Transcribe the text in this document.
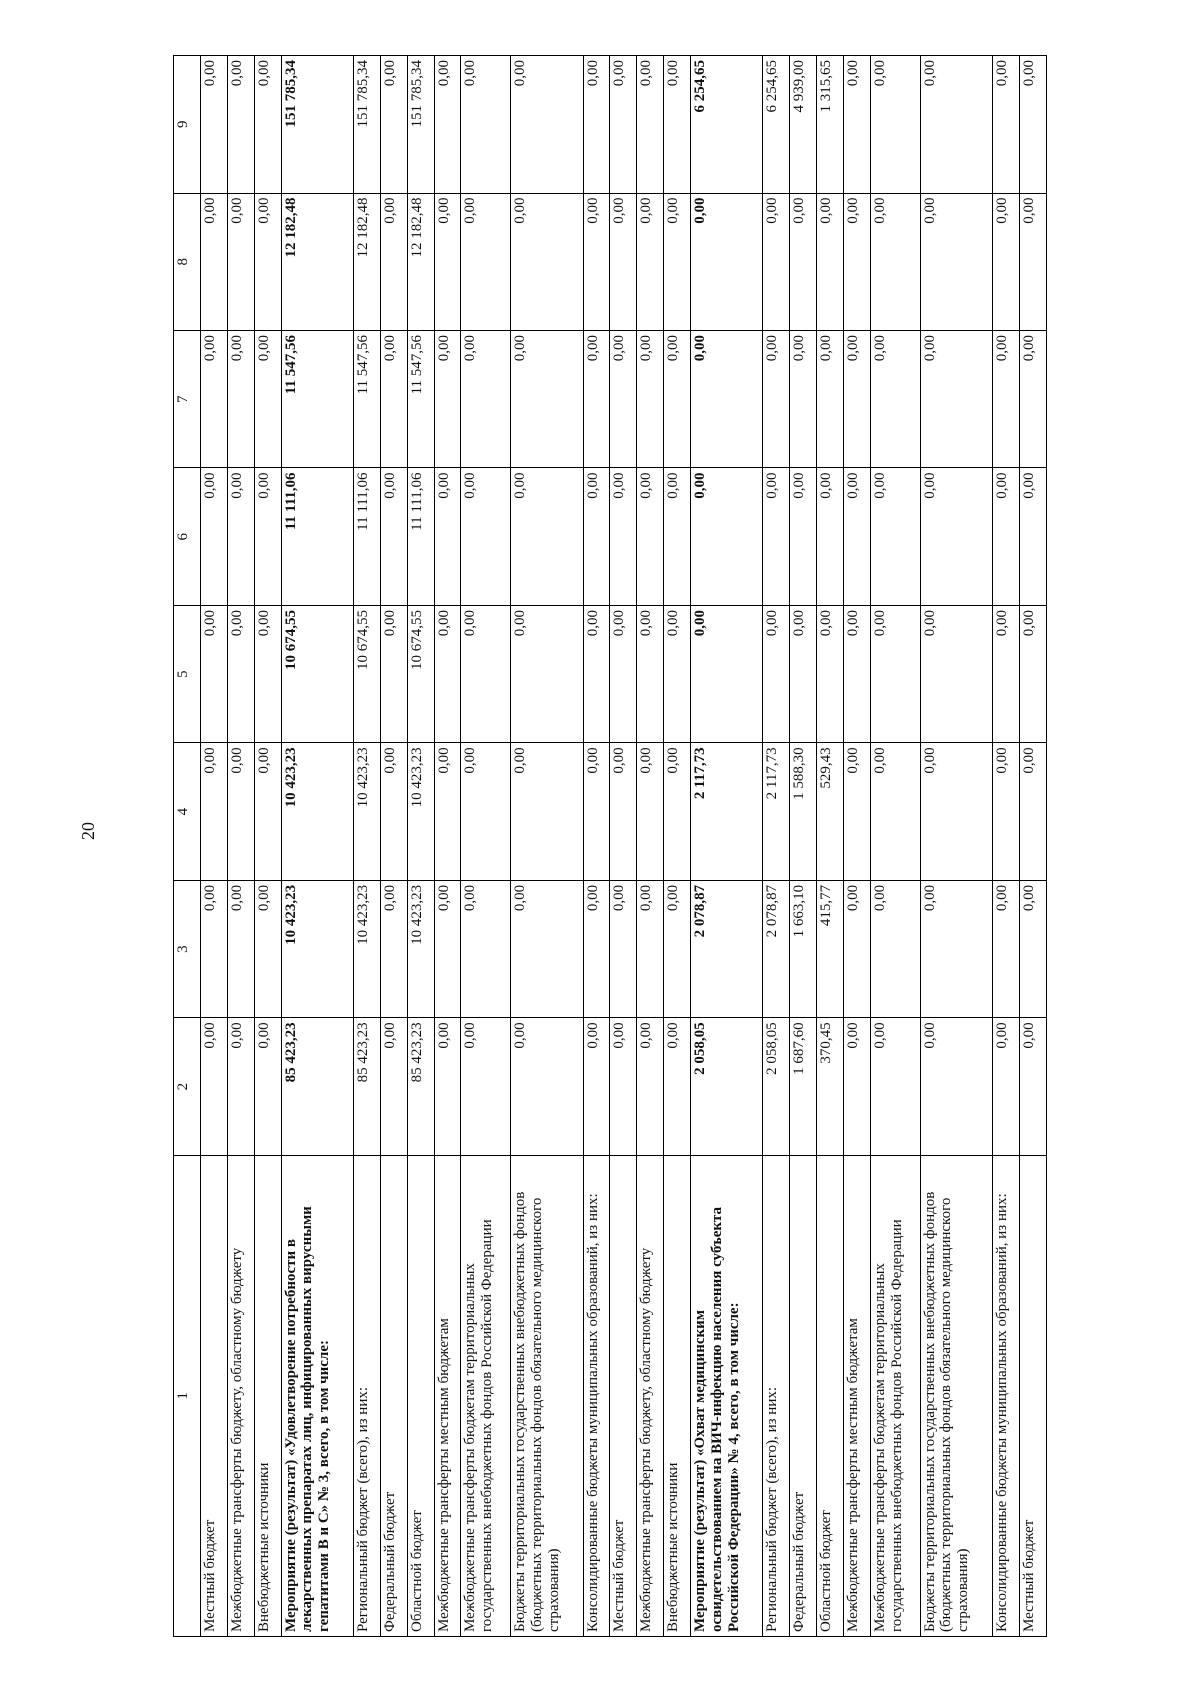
20
1	2	3	4	5	6	7	8	9
Местный бюджет	0,00	0,00	0,00	0,00	0,00	0,00	0,00	0,00
Межбюджетные трансферты бюджету, областному бюджету	0,00	0,00	0,00	0,00	0,00	0,00	0,00	0,00
Внебюджетные источники	0,00	0,00	0,00	0,00	0,00	0,00	0,00	0,00
Мероприятие (результат) «Удовлетворение потребности в лекарственных препаратах лиц, инфицированных вирусными гепатитами В и С» № 3, всего, в том числе:	85 423,23	10 423,23	10 423,23	10 674,55	11 111,06	11 547,56	12 182,48	151 785,34
Региональный бюджет (всего), из них:	85 423,23	10 423,23	10 423,23	10 674,55	11 111,06	11 547,56	12 182,48	151 785,34
Федеральный бюджет	0,00	0,00	0,00	0,00	0,00	0,00	0,00	0,00
Областной бюджет	85 423,23	10 423,23	10 423,23	10 674,55	11 111,06	11 547,56	12 182,48	151 785,34
Межбюджетные трансферты местным бюджетам	0,00	0,00	0,00	0,00	0,00	0,00	0,00	0,00
Межбюджетные трансферты бюджетам территориальных государственных внебюджетных фондов Российской Федерации	0,00	0,00	0,00	0,00	0,00	0,00	0,00	0,00
Бюджеты территориальных государственных внебюджетных фондов (бюджетных территориальных фондов обязательного медицинского страхования)	0,00	0,00	0,00	0,00	0,00	0,00	0,00	0,00
Консолидированные бюджеты муниципальных образований, из них:	0,00	0,00	0,00	0,00	0,00	0,00	0,00	0,00
Местный бюджет	0,00	0,00	0,00	0,00	0,00	0,00	0,00	0,00
Межбюджетные трансферты бюджету, областному бюджету	0,00	0,00	0,00	0,00	0,00	0,00	0,00	0,00
Внебюджетные источники	0,00	0,00	0,00	0,00	0,00	0,00	0,00	0,00
Мероприятие (результат) «Охват медицинским освидетельствованием на ВИЧ-инфекцию населения субъекта Российской Федерации» № 4, всего, в том числе:	2 058,05	2 078,87	2 117,73	0,00	0,00	0,00	0,00	6 254,65
Региональный бюджет (всего), из них:	2 058,05	2 078,87	2 117,73	0,00	0,00	0,00	0,00	6 254,65
Федеральный бюджет	1 687,60	1 663,10	1 588,30	0,00	0,00	0,00	0,00	4 939,00
Областной бюджет	370,45	415,77	529,43	0,00	0,00	0,00	0,00	1 315,65
Межбюджетные трансферты местным бюджетам	0,00	0,00	0,00	0,00	0,00	0,00	0,00	0,00
Межбюджетные трансферты бюджетам территориальных государственных внебюджетных фондов Российской Федерации	0,00	0,00	0,00	0,00	0,00	0,00	0,00	0,00
Бюджеты территориальных государственных внебюджетных фондов (бюджетных территориальных фондов обязательного медицинского страхования)	0,00	0,00	0,00	0,00	0,00	0,00	0,00	0,00
Консолидированные бюджеты муниципальных образований, из них:	0,00	0,00	0,00	0,00	0,00	0,00	0,00	0,00
Местный бюджет	0,00	0,00	0,00	0,00	0,00	0,00	0,00	0,00
